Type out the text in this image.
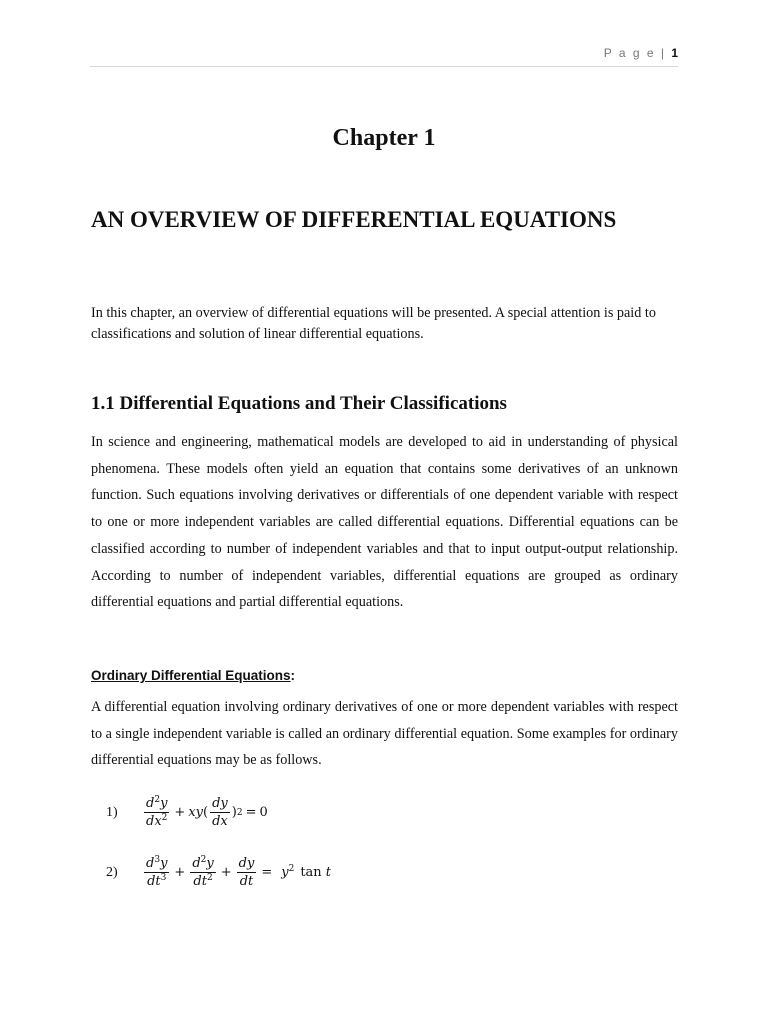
P a g e | 1
Chapter 1
AN OVERVIEW OF DIFFERENTIAL EQUATIONS

In this chapter, an overview of differential equations will be presented. A special attention is paid to classifications and solution of linear differential equations.

1.1 Differential Equations and Their Classifications

In science and engineering, mathematical models are developed to aid in understanding of physical phenomena. These models often yield an equation that contains some derivatives of an unknown function. Such equations involving derivatives or differentials of one dependent variable with respect to one or more independent variables are called differential equations. Differential equations can be classified according to number of independent variables and that to input output-output relationship. According to number of independent variables, differential equations are grouped as ordinary differential equations and partial differential equations.

Ordinary Differential Equations:

A differential equation involving ordinary derivatives of one or more dependent variables with respect to a single independent variable is called an ordinary differential equation. Some examples for ordinary differential equations may be as follows.

1)	$\frac{d^2y}{dx^2}$ + xy ( $\frac{dy}{dx}$ ) 2 = 0
2)	$\frac{d^3y}{dt^3} + \frac{d^2y}{dt^2} + \frac{dy}{dt} = y^2$ tan t
